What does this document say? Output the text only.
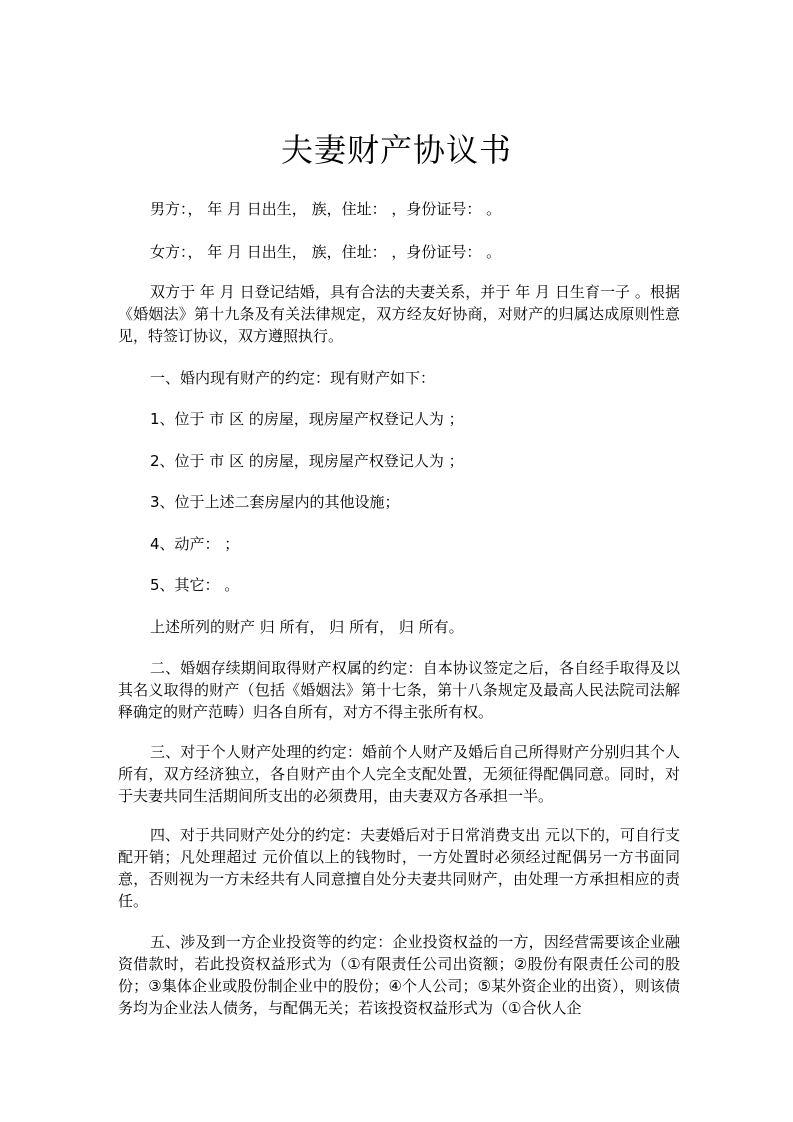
夫妻财产协议书

男方：， 年 月 日出生， 族，住址： ，身份证号： 。

女方：， 年 月 日出生， 族，住址： ，身份证号： 。

双方于 年 月 日登记结婚，具有合法的夫妻关系，并于 年 月 日生育一子 。根据《婚姻法》第十九条及有关法律规定，双方经友好协商，对财产的归属达成原则性意见，特签订协议，双方遵照执行。

一、婚内现有财产的约定：现有财产如下：

1、位于 市 区 的房屋，现房屋产权登记人为 ；

2、位于 市 区 的房屋，现房屋产权登记人为 ；

3、位于上述二套房屋内的其他设施；

4、动产： ；

5、其它： 。

上述所列的财产 归 所有， 归 所有， 归 所有。

二、婚姻存续期间取得财产权属的约定：自本协议签定之后，各自经手取得及以其名义取得的财产（包括《婚姻法》第十七条，第十八条规定及最高人民法院司法解释确定的财产范畴）归各自所有，对方不得主张所有权。

三、对于个人财产处理的约定：婚前个人财产及婚后自己所得财产分别归其个人所有，双方经济独立，各自财产由个人完全支配处置，无须征得配偶同意。同时，对于夫妻共同生活期间所支出的必须费用，由夫妻双方各承担一半。

四、对于共同财产处分的约定：夫妻婚后对于日常消费支出 元以下的，可自行支配开销；凡处理超过 元价值以上的钱物时，一方处置时必须经过配偶另一方书面同意，否则视为一方未经共有人同意擅自处分夫妻共同财产，由处理一方承担相应的责任。

五、涉及到一方企业投资等的约定：企业投资权益的一方，因经营需要该企业融资借款时，若此投资权益形式为（①有限责任公司出资额；②股份有限责任公司的股份；③集体企业或股份制企业中的股份；④个人公司；⑤某外资企业的出资），则该债务均为企业法人债务，与配偶无关；若该投资权益形式为（①合伙人企
